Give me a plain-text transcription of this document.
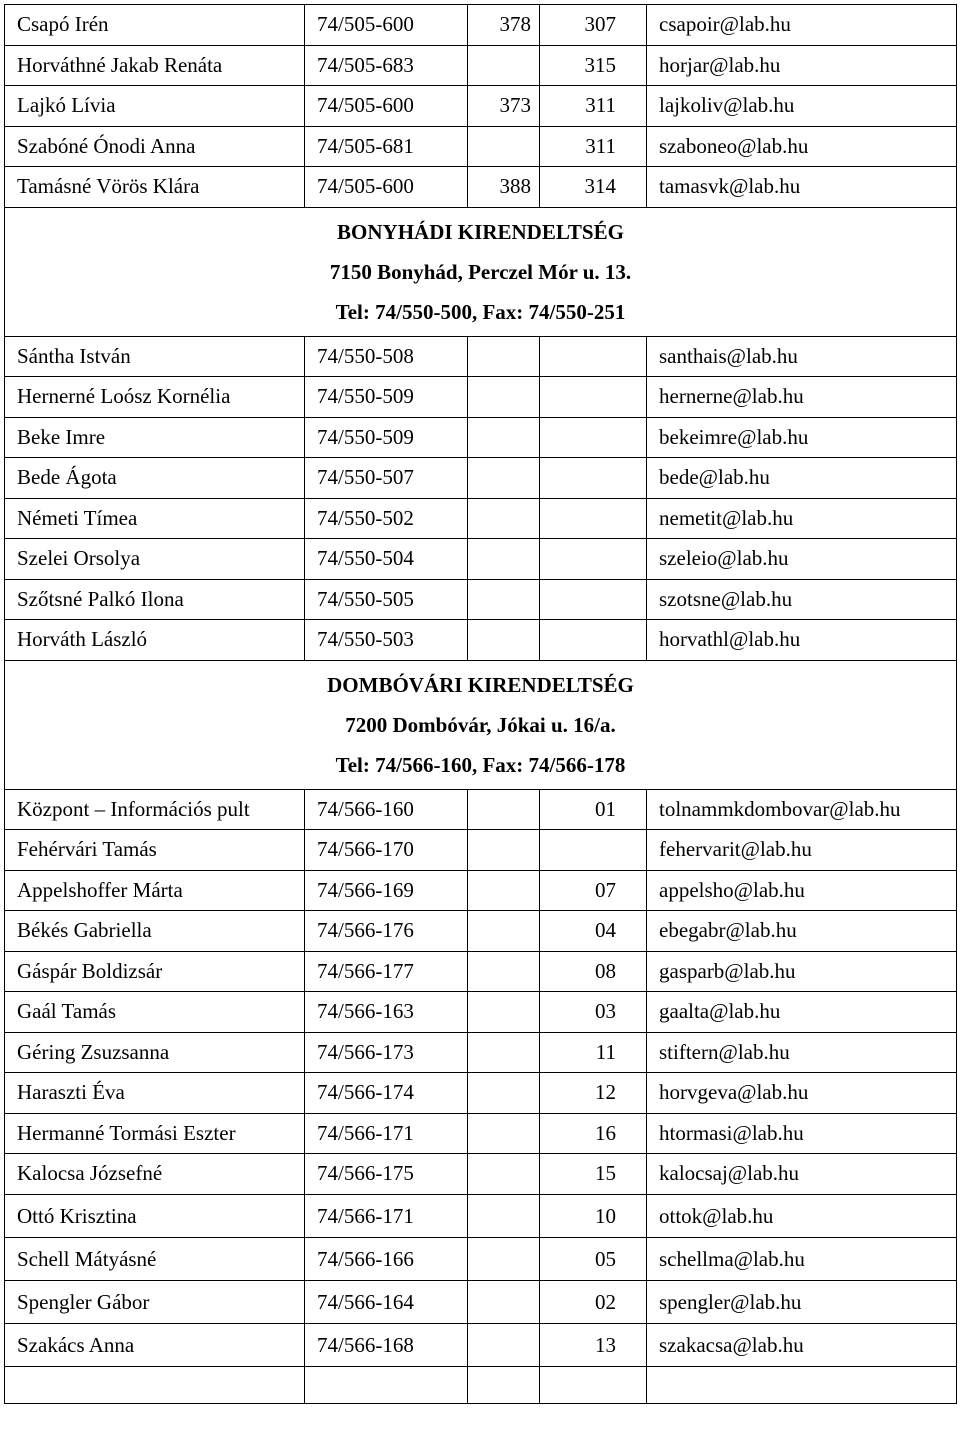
Csapó Irén	74/505-600	378	307	csapoir@lab.hu
Horváthné Jakab Renáta	74/505-683		315	horjar@lab.hu
Lajkó Lívia	74/505-600	373	311	lajkoliv@lab.hu
Szabóné Ónodi Anna	74/505-681		311	szaboneo@lab.hu
Tamásné Vörös Klára	74/505-600	388	314	tamasvk@lab.hu

BONYHÁDI KIRENDELTSÉG
7150 Bonyhád, Perczel Mór u. 13.
Tel: 74/550-500, Fax: 74/550-251				

Sántha István	74/550-508			santhais@lab.hu
Hernerné Loósz Kornélia	74/550-509			hernerne@lab.hu
Beke Imre	74/550-509			bekeimre@lab.hu
Bede Ágota	74/550-507			bede@lab.hu
Németi Tímea	74/550-502			nemetit@lab.hu
Szelei Orsolya	74/550-504			szeleio@lab.hu
Szőtsné Palkó Ilona	74/550-505			szotsne@lab.hu
Horváth László	74/550-503			horvathl@lab.hu

DOMBÓVÁRI KIRENDELTSÉG
7200 Dombóvár, Jókai u. 16/a.
Tel: 74/566-160, Fax: 74/566-178				

Központ – Információs pult	74/566-160		01	tolnammkdombovar@lab.hu
Fehérvári Tamás	74/566-170			fehervarit@lab.hu
Appelshoffer Márta	74/566-169		07	appelsho@lab.hu
Békés Gabriella	74/566-176		04	ebegabr@lab.hu
Gáspár Boldizsár	74/566-177		08	gasparb@lab.hu
Gaál Tamás	74/566-163		03	gaalta@lab.hu
Géring Zsuzsanna	74/566-173		11	stiftern@lab.hu
Haraszti Éva	74/566-174		12	horvgeva@lab.hu
Hermanné Tormási Eszter	74/566-171		16	htormasi@lab.hu
Kalocsa Józsefné	74/566-175		15	kalocsaj@lab.hu
Ottó Krisztina	74/566-171		10	ottok@lab.hu
Schell Mátyásné	74/566-166		05	schellma@lab.hu
Spengler Gábor	74/566-164		02	spengler@lab.hu
Szakács Anna	74/566-168		13	szakacsa@lab.hu
